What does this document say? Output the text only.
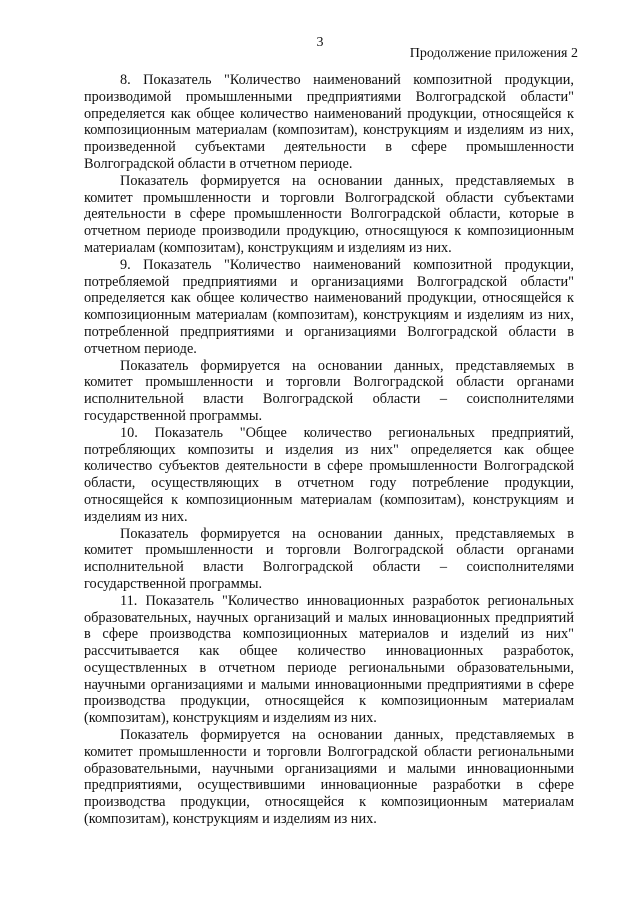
3
Продолжение приложения 2

8. Показатель "Количество наименований композитной продукции, производимой промышленными предприятиями Волгоградской области" определяется как общее количество наименований продукции, относящейся к композиционным материалам (композитам), конструкциям и изделиям из них, произведенной субъектами деятельности в сфере промышленности Волгоградской области в отчетном периоде.

Показатель формируется на основании данных, представляемых в комитет промышленности и торговли Волгоградской области субъектами деятельности в сфере промышленности Волгоградской области, которые в отчетном периоде производили продукцию, относящуюся к композиционным материалам (композитам), конструкциям и изделиям из них.

9. Показатель "Количество наименований композитной продукции, потребляемой предприятиями и организациями Волгоградской области" определяется как общее количество наименований продукции, относящейся к композиционным материалам (композитам), конструкциям и изделиям из них, потребленной предприятиями и организациями Волгоградской области в отчетном периоде.

Показатель формируется на основании данных, представляемых в комитет промышленности и торговли Волгоградской области органами исполнительной власти Волгоградской области – соисполнителями государственной программы.

10. Показатель "Общее количество региональных предприятий, потребляющих композиты и изделия из них" определяется как общее количество субъектов деятельности в сфере промышленности Волгоградской области, осуществляющих в отчетном году потребление продукции, относящейся к композиционным материалам (композитам), конструкциям и изделиям из них.

Показатель формируется на основании данных, представляемых в комитет промышленности и торговли Волгоградской области органами исполнительной власти Волгоградской области – соисполнителями государственной программы.

11. Показатель "Количество инновационных разработок региональных образовательных, научных организаций и малых инновационных предприятий в сфере производства композиционных материалов и изделий из них" рассчитывается как общее количество инновационных разработок, осуществленных в отчетном периоде региональными образовательными, научными организациями и малыми инновационными предприятиями в сфере производства продукции, относящейся к композиционным материалам (композитам), конструкциям и изделиям из них.

Показатель формируется на основании данных, представляемых в комитет промышленности и торговли Волгоградской области региональными образовательными, научными организациями и малыми инновационными предприятиями, осуществившими инновационные разработки в сфере производства продукции, относящейся к композиционным материалам (композитам), конструкциям и изделиям из них.
